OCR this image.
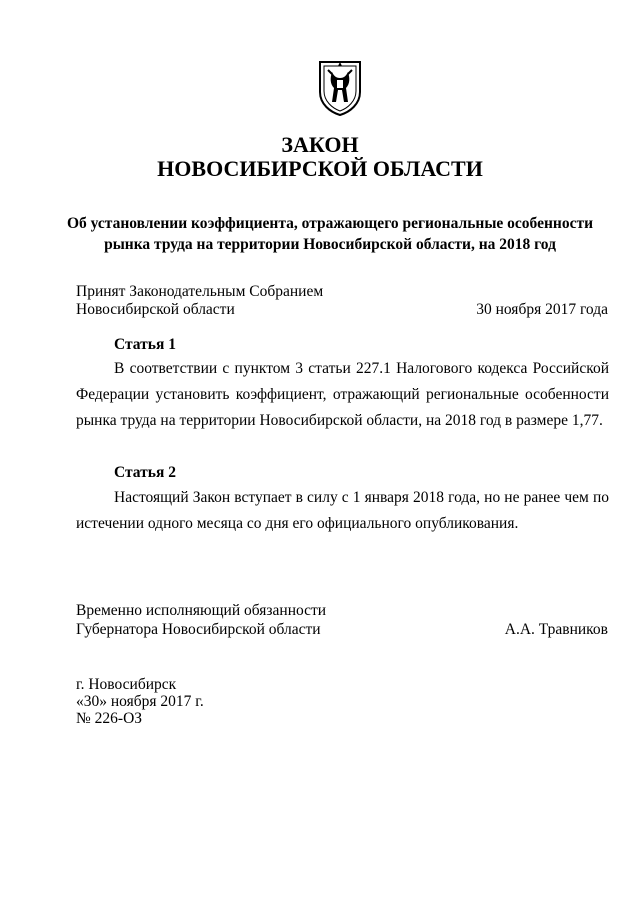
ЗАКОН
НОВОСИБИРСКОЙ ОБЛАСТИ
Об установлении коэффициента, отражающего региональные особенности
рынка труда на территории Новосибирской области, на 2018 год
Принят Законодательным Собранием
Новосибирской области	30 ноября 2017 года
Статья 1
В соответствии с пунктом 3 статьи 227.1 Налогового кодекса Российской Федерации установить коэффициент, отражающий региональные особенности рынка труда на территории Новосибирской области, на 2018 год в размере 1,77.
Статья 2
Настоящий Закон вступает в силу с 1 января 2018 года, но не ранее чем по истечении одного месяца со дня его официального опубликования.
Временно исполняющий обязанности
Губернатора Новосибирской области	А.А. Травников
г. Новосибирск
«30» ноября 2017 г.
№ 226-ОЗ
